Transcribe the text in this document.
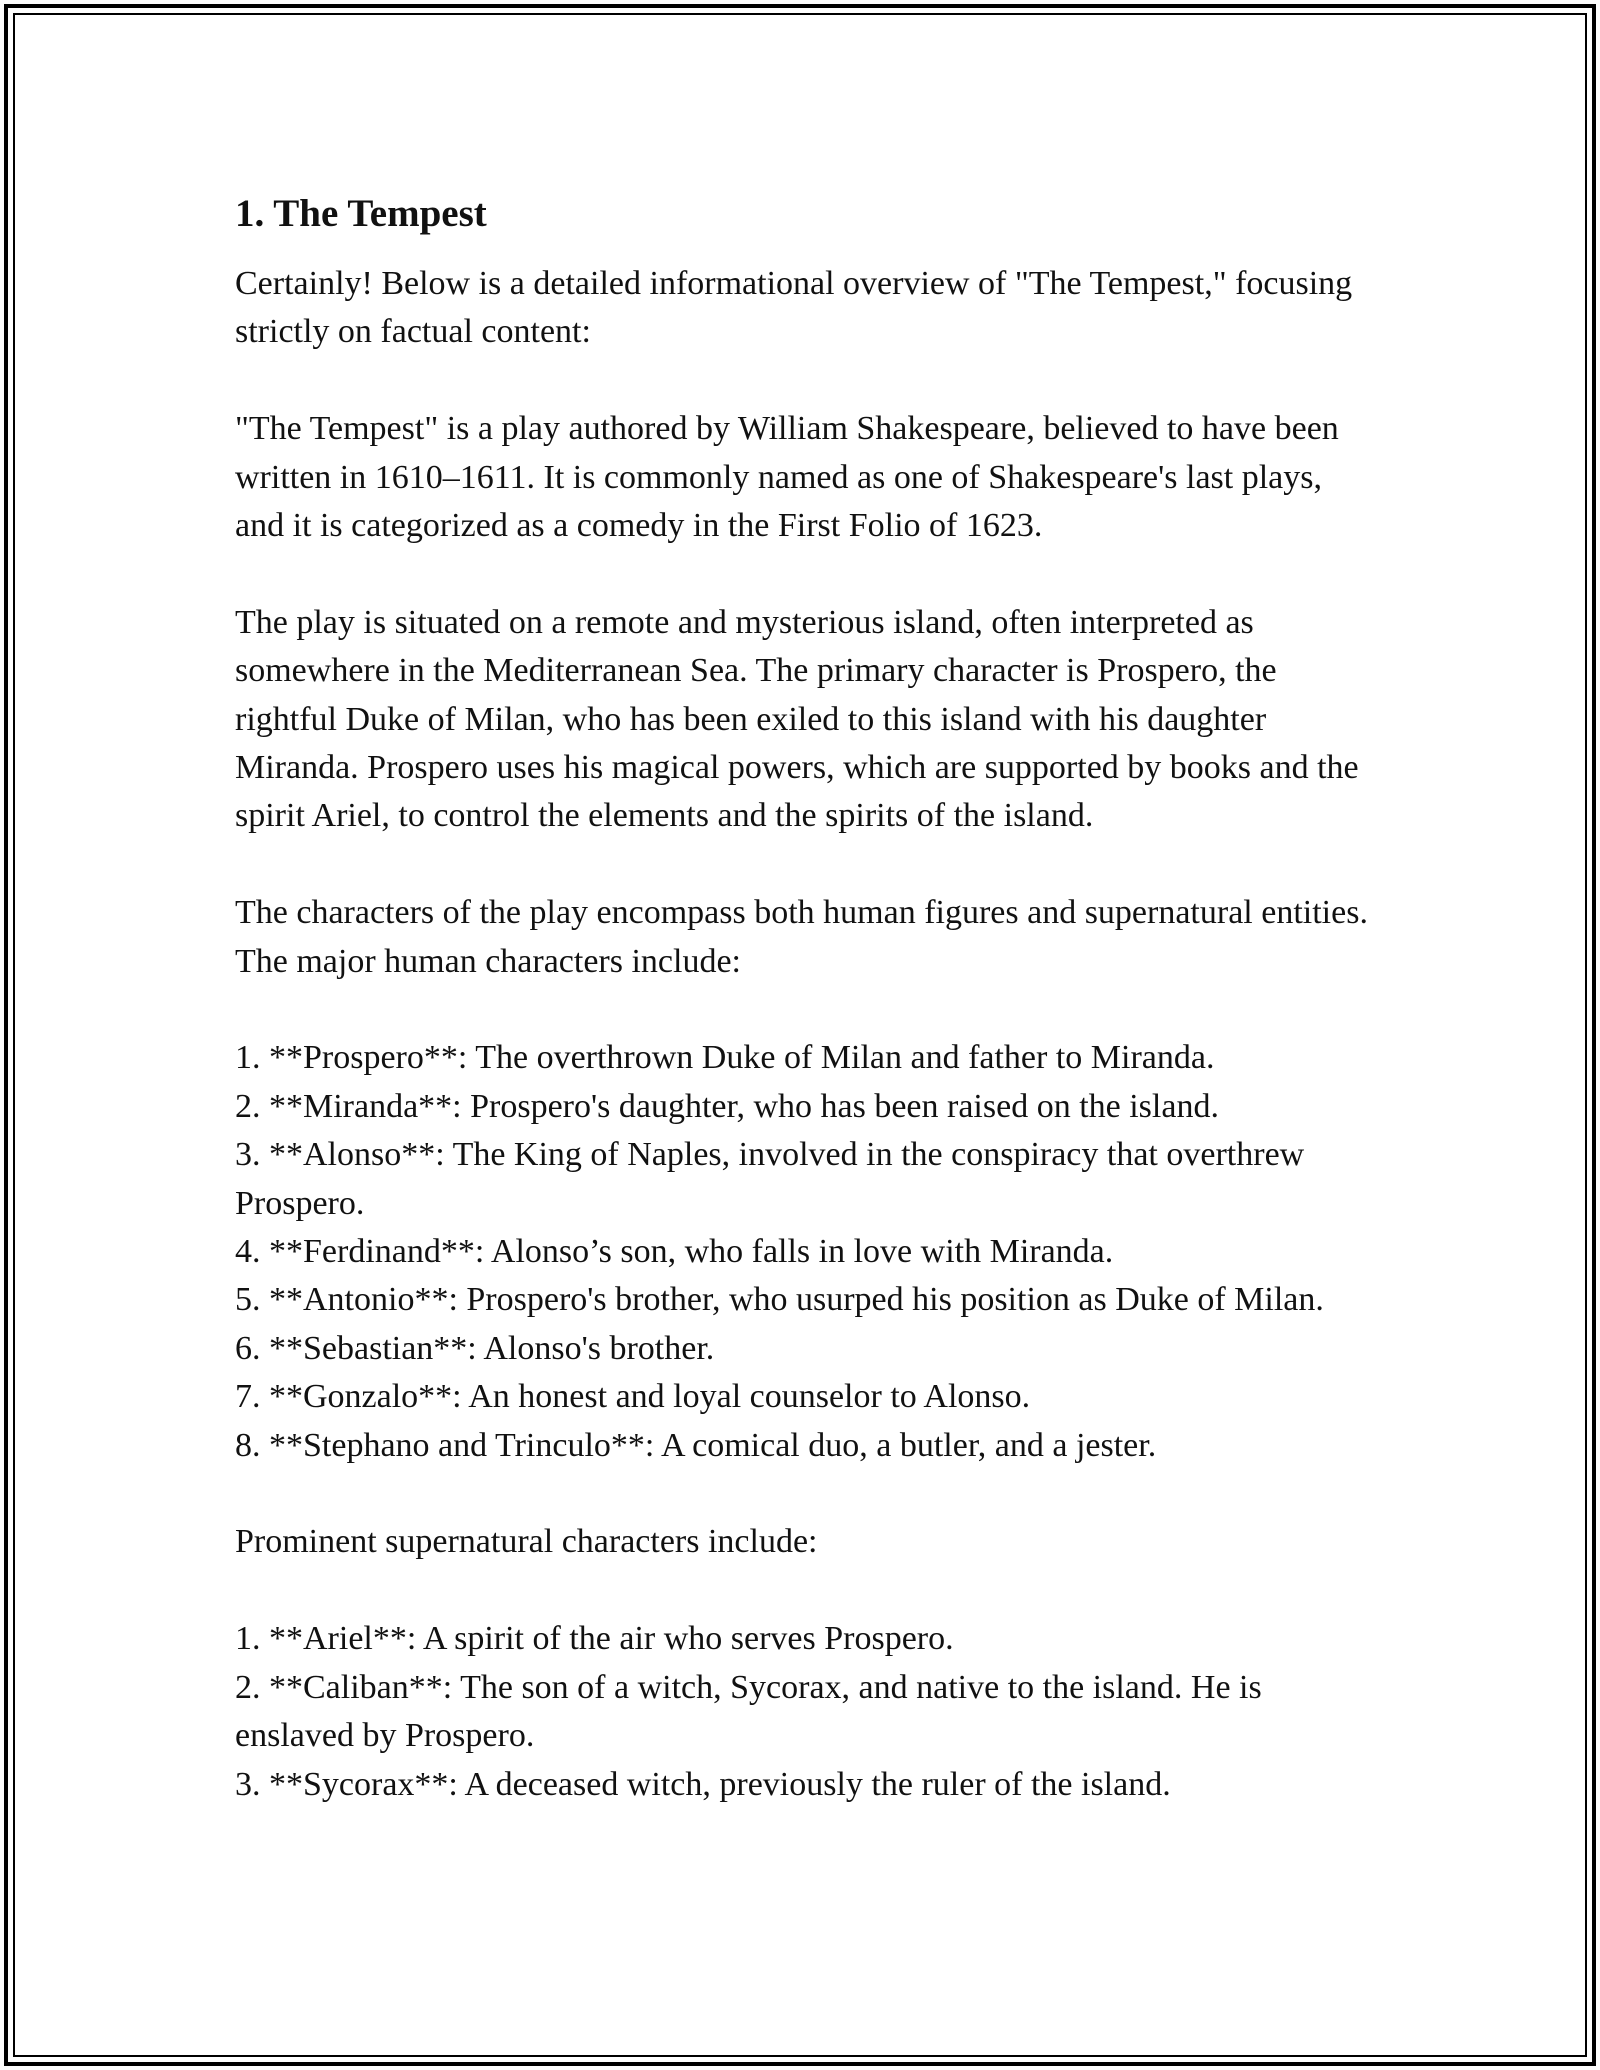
1. The Tempest

Certainly! Below is a detailed informational overview of "The Tempest," focusing strictly on factual content:

"The Tempest" is a play authored by William Shakespeare, believed to have been written in 1610–1611. It is commonly named as one of Shakespeare's last plays, and it is categorized as a comedy in the First Folio of 1623.

The play is situated on a remote and mysterious island, often interpreted as somewhere in the Mediterranean Sea. The primary character is Prospero, the rightful Duke of Milan, who has been exiled to this island with his daughter Miranda. Prospero uses his magical powers, which are supported by books and the spirit Ariel, to control the elements and the spirits of the island.

The characters of the play encompass both human figures and supernatural entities. The major human characters include:

1. **Prospero**: The overthrown Duke of Milan and father to Miranda.
2. **Miranda**: Prospero's daughter, who has been raised on the island.
3. **Alonso**: The King of Naples, involved in the conspiracy that overthrew Prospero.
4. **Ferdinand**: Alonso’s son, who falls in love with Miranda.
5. **Antonio**: Prospero's brother, who usurped his position as Duke of Milan.
6. **Sebastian**: Alonso's brother.
7. **Gonzalo**: An honest and loyal counselor to Alonso.
8. **Stephano and Trinculo**: A comical duo, a butler, and a jester.

Prominent supernatural characters include:

1. **Ariel**: A spirit of the air who serves Prospero.
2. **Caliban**: The son of a witch, Sycorax, and native to the island. He is enslaved by Prospero.
3. **Sycorax**: A deceased witch, previously the ruler of the island.
